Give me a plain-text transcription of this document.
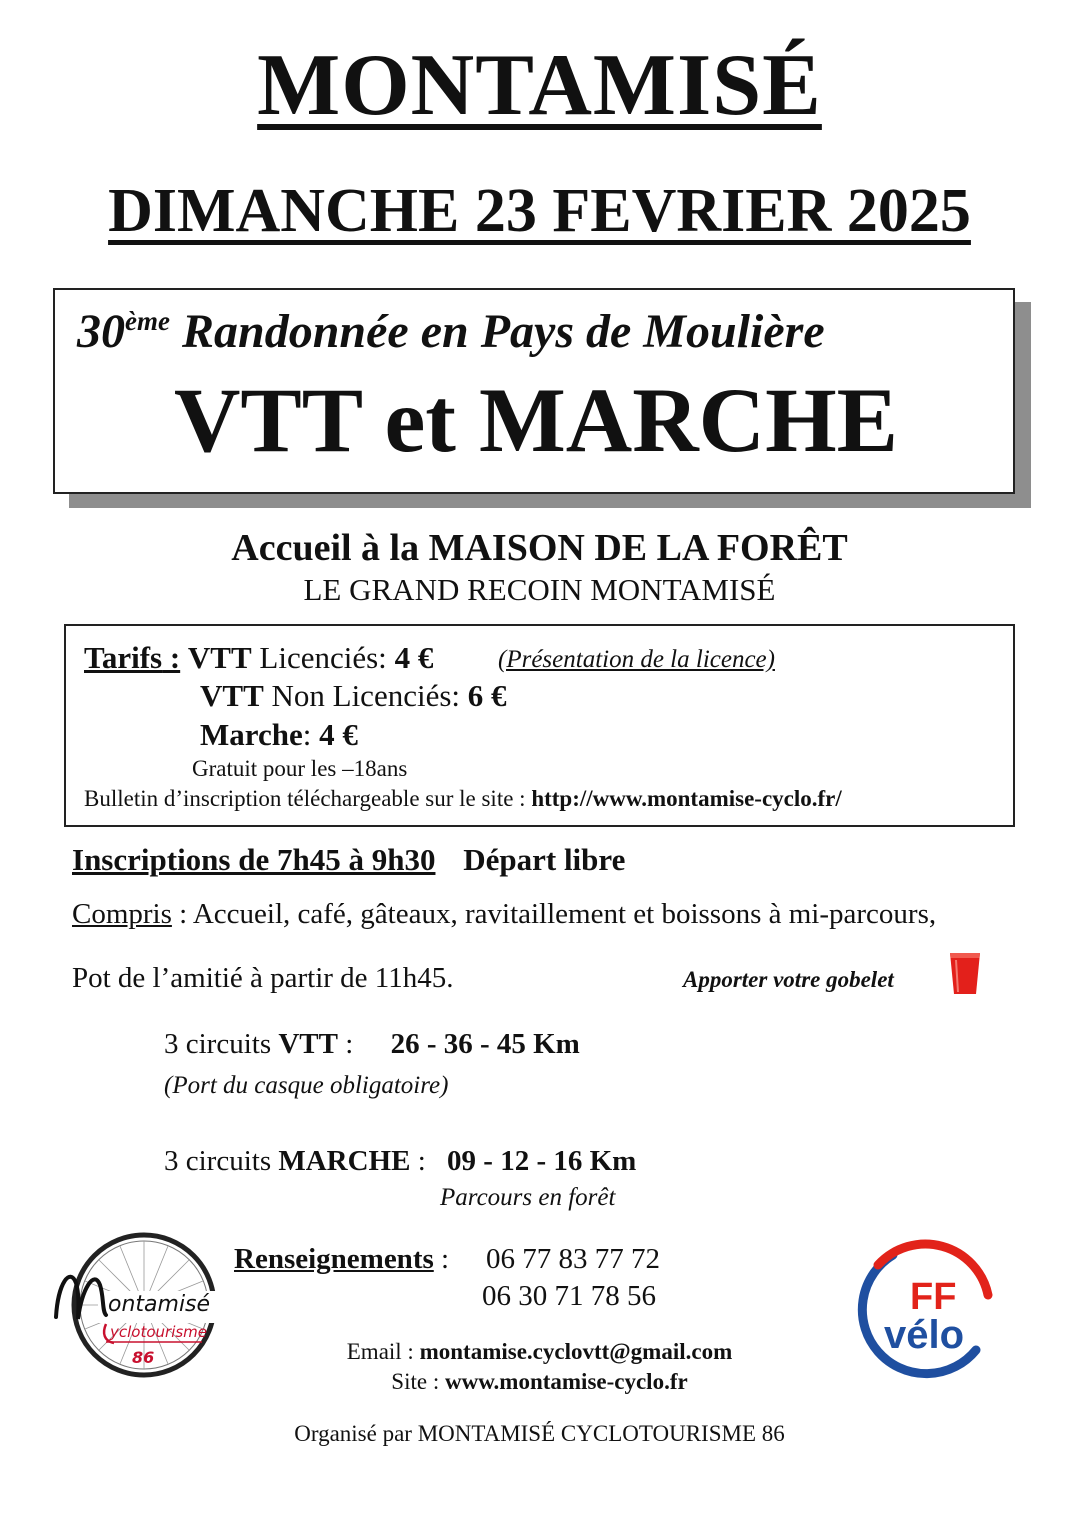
MONTAMISÉ
DIMANCHE 23 FEVRIER 2025
30ème Randonnée en Pays de Moulière
VTT et MARCHE
Accueil à la MAISON DE LA FORÊT
LE GRAND RECOIN MONTAMISÉ
Tarifs : VTT Licenciés: 4 €	(Présentation de la licence)
VTT Non Licenciés: 6 €
Marche: 4 €
Gratuit pour les –18ans
Bulletin d’inscription téléchargeable sur le site : http://www.montamise-cyclo.fr/
Inscriptions de 7h45 à 9h30 Départ libre
Compris : Accueil, café, gâteaux, ravitaillement et boissons à mi-parcours,
Pot de l’amitié à partir de 11h45.	Apporter votre gobelet
3 circuits VTT : 26 - 36 - 45 Km
(Port du casque obligatoire)
3 circuits MARCHE : 09 - 12 - 16 Km
Parcours en forêt
Renseignements : 06 77 83 77 72
06 30 71 78 56
Email : montamise.cyclovtt@gmail.com
Site : www.montamise-cyclo.fr
Organisé par MONTAMISÉ CYCLOTOURISME 86
ontamisé
yclotourisme
86
FF
vélo
